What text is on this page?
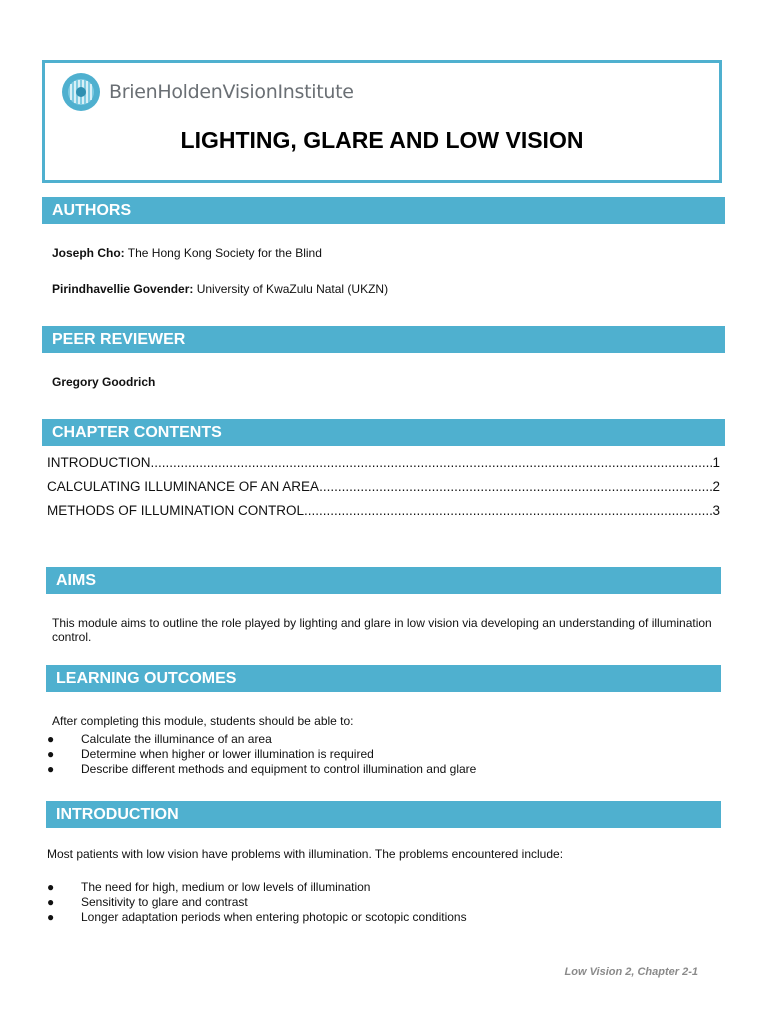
BrienHoldenVisionInstitute
LIGHTING, GLARE AND LOW VISION
AUTHORS
Joseph Cho: The Hong Kong Society for the Blind
Pirindhavellie Govender: University of KwaZulu Natal (UKZN)
PEER REVIEWER
Gregory Goodrich
CHAPTER CONTENTS
INTRODUCTION .....	1
CALCULATING ILLUMINANCE OF AN AREA .....	2
METHODS OF ILLUMINATION CONTROL .....	3
AIMS
This module aims to outline the role played by lighting and glare in low vision via developing an understanding of illumination control.
LEARNING OUTCOMES
After completing this module, students should be able to:
● Calculate the illuminance of an area
● Determine when higher or lower illumination is required
● Describe different methods and equipment to control illumination and glare
INTRODUCTION
Most patients with low vision have problems with illumination. The problems encountered include:
● The need for high, medium or low levels of illumination
● Sensitivity to glare and contrast
● Longer adaptation periods when entering photopic or scotopic conditions
Low Vision 2, Chapter 2-1
